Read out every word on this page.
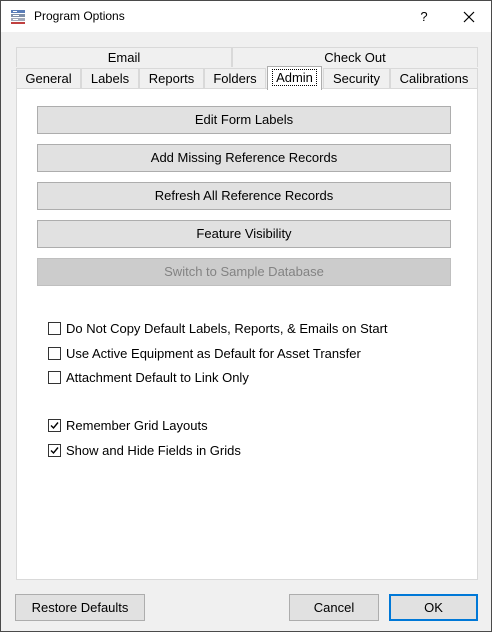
Program Options	?
Email	Check Out
General	Labels	Reports	Folders	Admin	Security	Calibrations
Edit Form Labels
Add Missing Reference Records
Refresh All Reference Records
Feature Visibility
Switch to Sample Database
Do Not Copy Default Labels, Reports, & Emails on Start
Use Active Equipment as Default for Asset Transfer
Attachment Default to Link Only
Remember Grid Layouts
Show and Hide Fields in Grids
Restore Defaults	Cancel	OK
